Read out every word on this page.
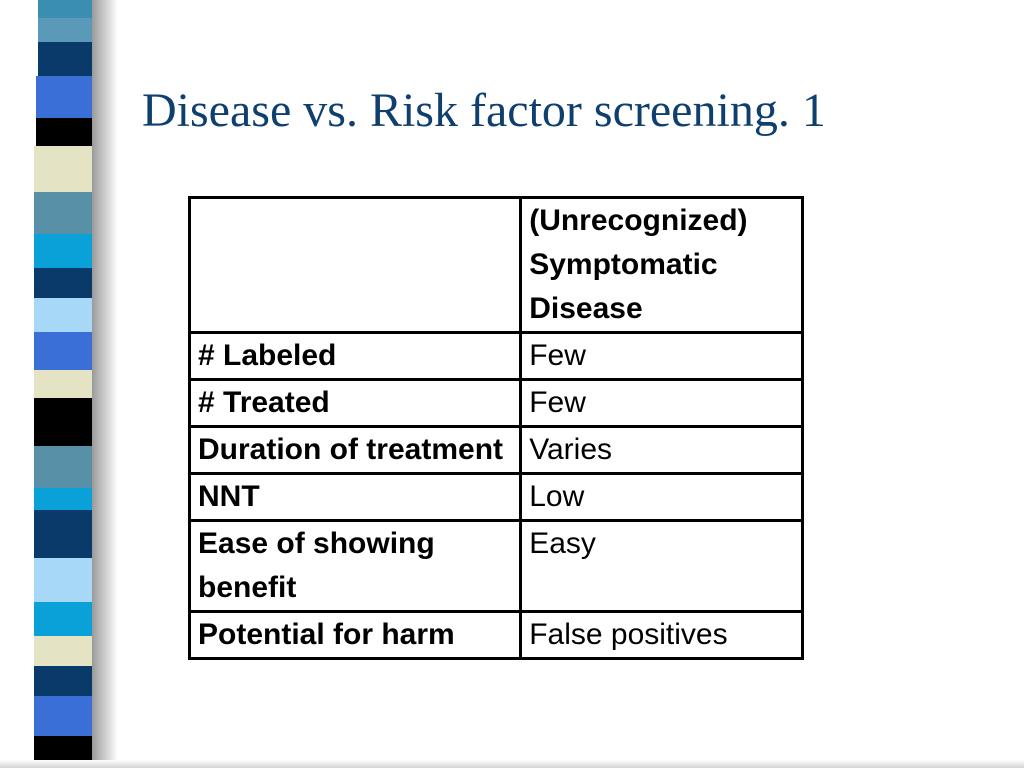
Disease vs. Risk factor screening. 1
	(Unrecognized) Symptomatic Disease
# Labeled	Few
# Treated	Few
Duration of treatment	Varies
NNT	Low
Ease of showing benefit	Easy
Potential for harm	False positives
